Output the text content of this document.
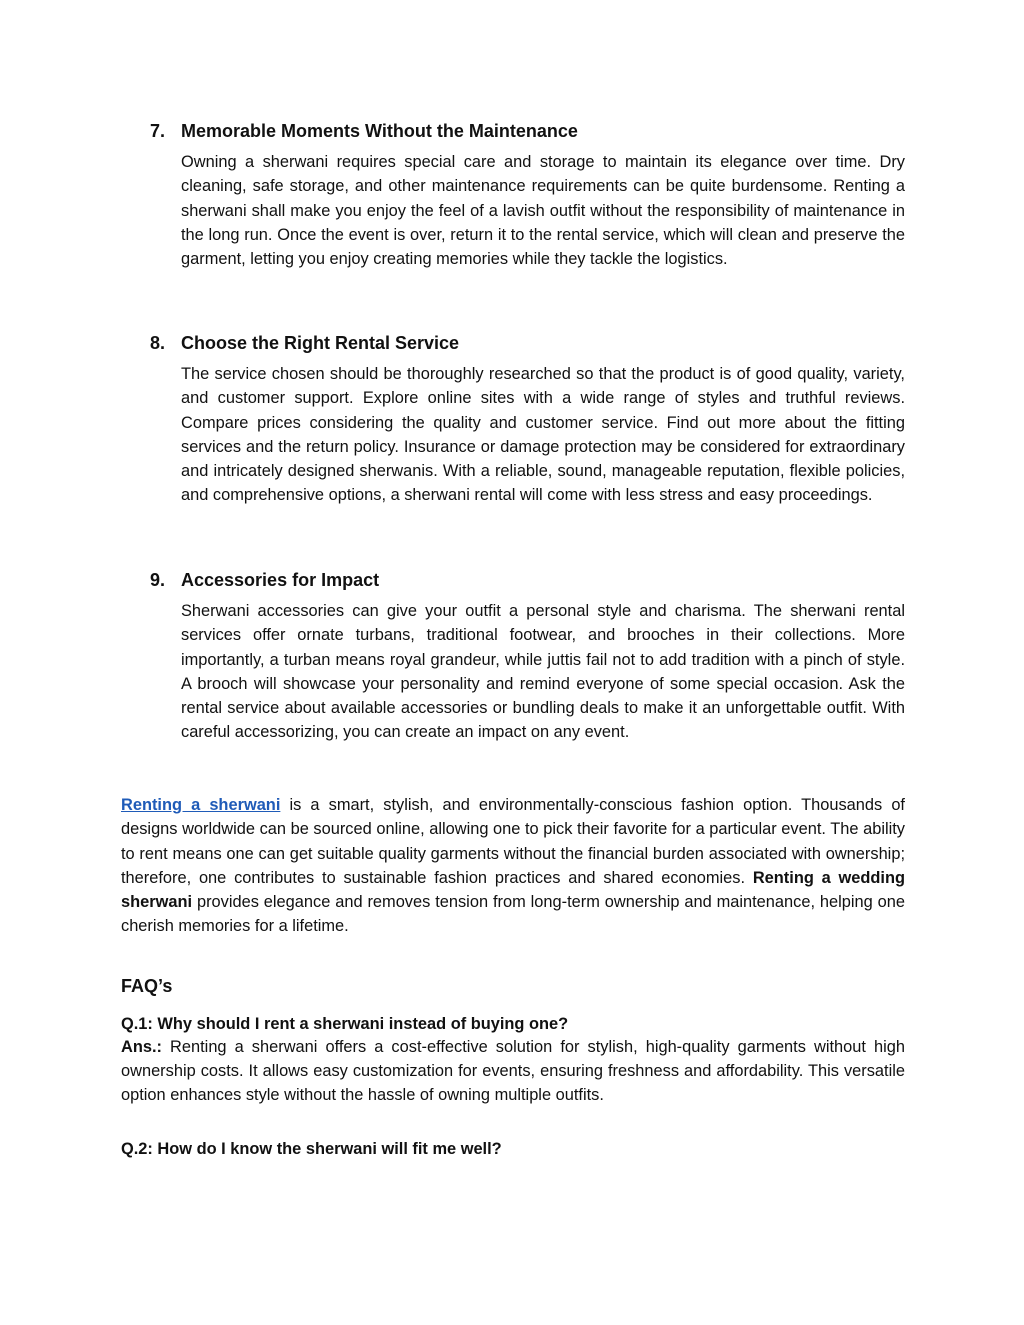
7. Memorable Moments Without the Maintenance

Owning a sherwani requires special care and storage to maintain its elegance over time. Dry cleaning, safe storage, and other maintenance requirements can be quite burdensome. Renting a sherwani shall make you enjoy the feel of a lavish outfit without the responsibility of maintenance in the long run. Once the event is over, return it to the rental service, which will clean and preserve the garment, letting you enjoy creating memories while they tackle the logistics.

8. Choose the Right Rental Service

The service chosen should be thoroughly researched so that the product is of good quality, variety, and customer support. Explore online sites with a wide range of styles and truthful reviews. Compare prices considering the quality and customer service. Find out more about the fitting services and the return policy. Insurance or damage protection may be considered for extraordinary and intricately designed sherwanis. With a reliable, sound, manageable reputation, flexible policies, and comprehensive options, a sherwani rental will come with less stress and easy proceedings.

9. Accessories for Impact

Sherwani accessories can give your outfit a personal style and charisma. The sherwani rental services offer ornate turbans, traditional footwear, and brooches in their collections. More importantly, a turban means royal grandeur, while juttis fail not to add tradition with a pinch of style. A brooch will showcase your personality and remind everyone of some special occasion. Ask the rental service about available accessories or bundling deals to make it an unforgettable outfit. With careful accessorizing, you can create an impact on any event.

Renting a sherwani is a smart, stylish, and environmentally-conscious fashion option. Thousands of designs worldwide can be sourced online, allowing one to pick their favorite for a particular event. The ability to rent means one can get suitable quality garments without the financial burden associated with ownership; therefore, one contributes to sustainable fashion practices and shared economies. Renting a wedding sherwani provides elegance and removes tension from long-term ownership and maintenance, helping one cherish memories for a lifetime.

FAQ’s
Q.1: Why should I rent a sherwani instead of buying one?

Ans.: Renting a sherwani offers a cost-effective solution for stylish, high-quality garments without high ownership costs. It allows easy customization for events, ensuring freshness and affordability. This versatile option enhances style without the hassle of owning multiple outfits.

Q.2: How do I know the sherwani will fit me well?
